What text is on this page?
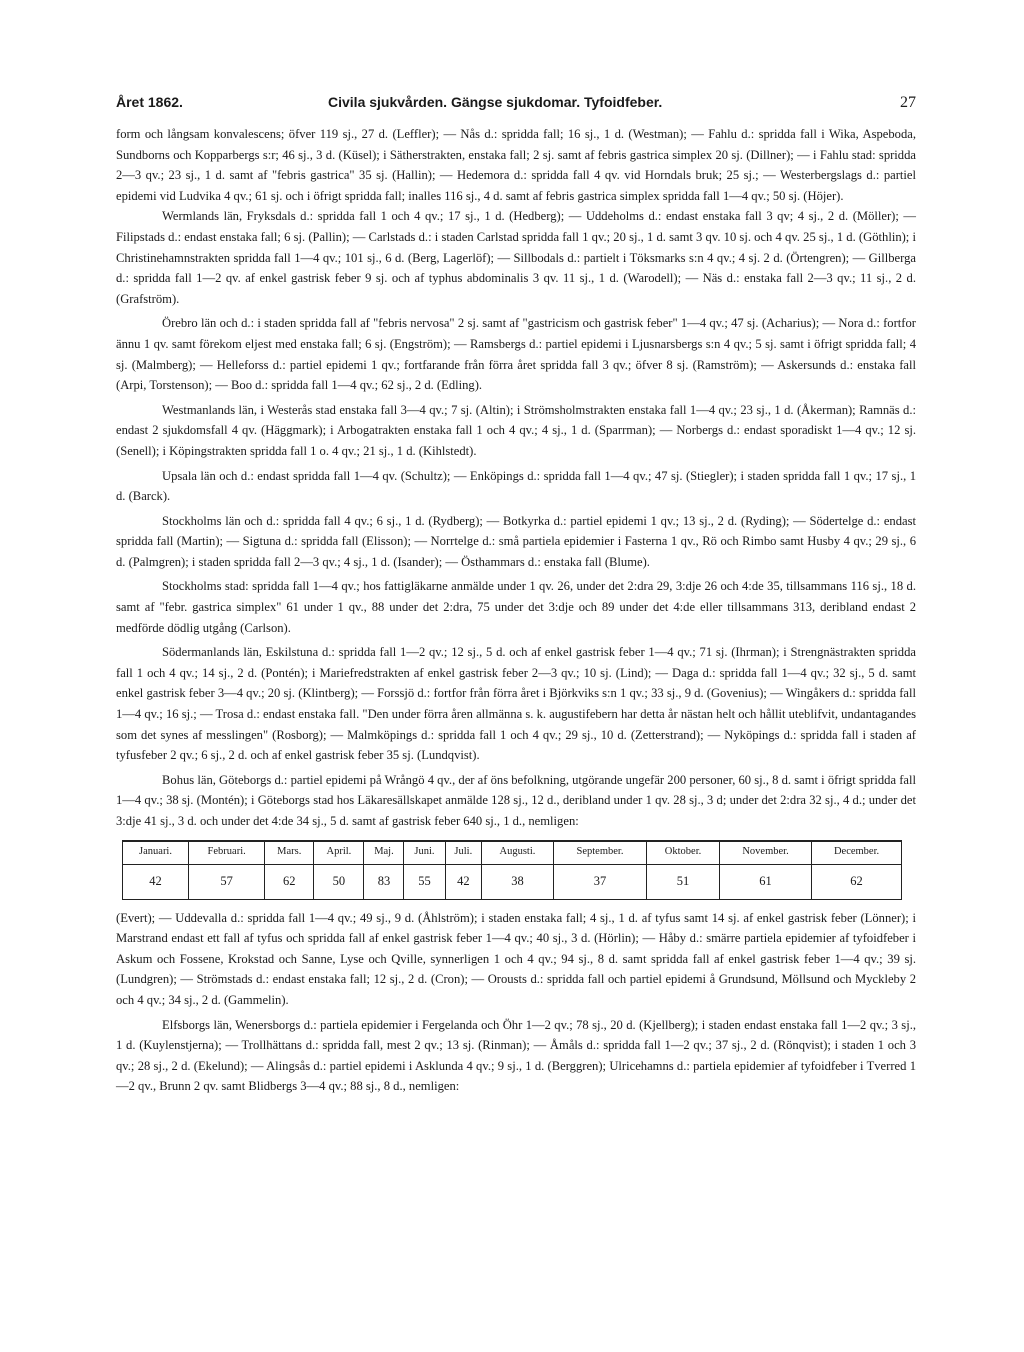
Året 1862.	Civila sjukvården. Gängse sjukdomar. Tyfoidfeber.	27

form och långsam konvalescens; öfver 119 sj., 27 d. (Leffler); — Nås d.: spridda fall; 16 sj., 1 d. (Westman); — Fahlu d.: spridda fall i Wika, Aspeboda, Sundborns och Kopparbergs s:r; 46 sj., 3 d. (Küsel); i Sätherstrakten, enstaka fall; 2 sj. samt af febris gastrica simplex 20 sj. (Dillner); — i Fahlu stad: spridda 2—3 qv.; 23 sj., 1 d. samt af "febris gastrica" 35 sj. (Hallin); — Hedemora d.: spridda fall 4 qv. vid Horndals bruk; 25 sj.; — Westerbergslags d.: partiel epidemi vid Ludvika 4 qv.; 61 sj. och i öfrigt spridda fall; inalles 116 sj., 4 d. samt af febris gastrica simplex spridda fall 1—4 qv.; 50 sj. (Höjer).

Wermlands län, Fryksdals d.: spridda fall 1 och 4 qv.; 17 sj., 1 d. (Hedberg); — Uddeholms d.: endast enstaka fall 3 qv; 4 sj., 2 d. (Möller); — Filipstads d.: endast enstaka fall; 6 sj. (Pallin); — Carlstads d.: i staden Carlstad spridda fall 1 qv.; 20 sj., 1 d. samt 3 qv. 10 sj. och 4 qv. 25 sj., 1 d. (Göthlin); i Christinehamnstrakten spridda fall 1—4 qv.; 101 sj., 6 d. (Berg, Lagerlöf); — Sillbodals d.: partielt i Töksmarks s:n 4 qv.; 4 sj. 2 d. (Örtengren); — Gillberga d.: spridda fall 1—2 qv. af enkel gastrisk feber 9 sj. och af typhus abdominalis 3 qv. 11 sj., 1 d. (Warodell); — Näs d.: enstaka fall 2—3 qv.; 11 sj., 2 d. (Grafström).

Örebro län och d.: i staden spridda fall af "febris nervosa" 2 sj. samt af "gastricism och gastrisk feber" 1—4 qv.; 47 sj. (Acharius); — Nora d.: fortfor ännu 1 qv. samt förekom eljest med enstaka fall; 6 sj. (Engström); — Ramsbergs d.: partiel epidemi i Ljusnarsbergs s:n 4 qv.; 5 sj. samt i öfrigt spridda fall; 4 sj. (Malmberg); — Helleforss d.: partiel epidemi 1 qv.; fortfarande från förra året spridda fall 3 qv.; öfver 8 sj. (Ramström); — Askersunds d.: enstaka fall (Arpi, Torstenson); — Boo d.: spridda fall 1—4 qv.; 62 sj., 2 d. (Edling).

Westmanlands län, i Westerås stad enstaka fall 3—4 qv.; 7 sj. (Altin); i Strömsholmstrakten enstaka fall 1—4 qv.; 23 sj., 1 d. (Åkerman); Ramnäs d.: endast 2 sjukdomsfall 4 qv. (Häggmark); i Arbogatrakten enstaka fall 1 och 4 qv.; 4 sj., 1 d. (Sparrman); — Norbergs d.: endast sporadiskt 1—4 qv.; 12 sj. (Senell); i Köpingstrakten spridda fall 1 o. 4 qv.; 21 sj., 1 d. (Kihlstedt).

Upsala län och d.: endast spridda fall 1—4 qv. (Schultz); — Enköpings d.: spridda fall 1—4 qv.; 47 sj. (Stiegler); i staden spridda fall 1 qv.; 17 sj., 1 d. (Barck).

Stockholms län och d.: spridda fall 4 qv.; 6 sj., 1 d. (Rydberg); — Botkyrka d.: partiel epidemi 1 qv.; 13 sj., 2 d. (Ryding); — Södertelge d.: endast spridda fall (Martin); — Sigtuna d.: spridda fall (Elisson); — Norrtelge d.: små partiela epidemier i Fasterna 1 qv., Rö och Rimbo samt Husby 4 qv.; 29 sj., 6 d. (Palmgren); i staden spridda fall 2—3 qv.; 4 sj., 1 d. (Isander); — Östhammars d.: enstaka fall (Blume).

Stockholms stad: spridda fall 1—4 qv.; hos fattigläkarne anmälde under 1 qv. 26, under det 2:dra 29, 3:dje 26 och 4:de 35, tillsammans 116 sj., 18 d. samt af "febr. gastrica simplex" 61 under 1 qv., 88 under det 2:dra, 75 under det 3:dje och 89 under det 4:de eller tillsammans 313, deribland endast 2 medförde dödlig utgång (Carlson).

Södermanlands län, Eskilstuna d.: spridda fall 1—2 qv.; 12 sj., 5 d. och af enkel gastrisk feber 1—4 qv.; 71 sj. (Ihrman); i Strengnästrakten spridda fall 1 och 4 qv.; 14 sj., 2 d. (Pontén); i Mariefredstrakten af enkel gastrisk feber 2—3 qv.; 10 sj. (Lind); — Daga d.: spridda fall 1—4 qv.; 32 sj., 5 d. samt enkel gastrisk feber 3—4 qv.; 20 sj. (Klintberg); — Forssjö d.: fortfor från förra året i Björkviks s:n 1 qv.; 33 sj., 9 d. (Govenius); — Wingåkers d.: spridda fall 1—4 qv.; 16 sj.; — Trosa d.: endast enstaka fall. "Den under förra åren allmänna s. k. augustifebern har detta år nästan helt och hållit uteblifvit, undantagandes som det synes af messlingen" (Rosborg); — Malmköpings d.: spridda fall 1 och 4 qv.; 29 sj., 10 d. (Zetterstrand); — Nyköpings d.: spridda fall i staden af tyfusfeber 2 qv.; 6 sj., 2 d. och af enkel gastrisk feber 35 sj. (Lundqvist).

Bohus län, Göteborgs d.: partiel epidemi på Wrångö 4 qv., der af öns befolkning, utgörande ungefär 200 personer, 60 sj., 8 d. samt i öfrigt spridda fall 1—4 qv.; 38 sj. (Montén); i Göteborgs stad hos Läkaresällskapet anmälde 128 sj., 12 d., deribland under 1 qv. 28 sj., 3 d; under det 2:dra 32 sj., 4 d.; under det 3:dje 41 sj., 3 d. och under det 4:de 34 sj., 5 d. samt af gastrisk feber 640 sj., 1 d., nemligen:

Januari.	Februari.	Mars.	April.	Maj.	Juni.	Juli.	Augusti.	September.	Oktober.	November.	December.
42	57	62	50	83	55	42	38	37	51	61	62

(Evert); — Uddevalla d.: spridda fall 1—4 qv.; 49 sj., 9 d. (Åhlström); i staden enstaka fall; 4 sj., 1 d. af tyfus samt 14 sj. af enkel gastrisk feber (Lönner); i Marstrand endast ett fall af tyfus och spridda fall af enkel gastrisk feber 1—4 qv.; 40 sj., 3 d. (Hörlin); — Håby d.: smärre partiela epidemier af tyfoidfeber i Askum och Fossene, Krokstad och Sanne, Lyse och Qville, synnerligen 1 och 4 qv.; 94 sj., 8 d. samt spridda fall af enkel gastrisk feber 1—4 qv.; 39 sj. (Lundgren); — Strömstads d.: endast enstaka fall; 12 sj., 2 d. (Cron); — Orousts d.: spridda fall och partiel epidemi å Grundsund, Möllsund och Myckleby 2 och 4 qv.; 34 sj., 2 d. (Gammelin).

Elfsborgs län, Wenersborgs d.: partiela epidemier i Fergelanda och Öhr 1—2 qv.; 78 sj., 20 d. (Kjellberg); i staden endast enstaka fall 1—2 qv.; 3 sj., 1 d. (Kuylenstjerna); — Trollhättans d.: spridda fall, mest 2 qv.; 13 sj. (Rinman); — Åmåls d.: spridda fall 1—2 qv.; 37 sj., 2 d. (Rönqvist); i staden 1 och 3 qv.; 28 sj., 2 d. (Ekelund); — Alingsås d.: partiel epidemi i Asklunda 4 qv.; 9 sj., 1 d. (Berggren); Ulricehamns d.: partiela epidemier af tyfoidfeber i Tverred 1—2 qv., Brunn 2 qv. samt Blidbergs 3—4 qv.; 88 sj., 8 d., nemligen:
